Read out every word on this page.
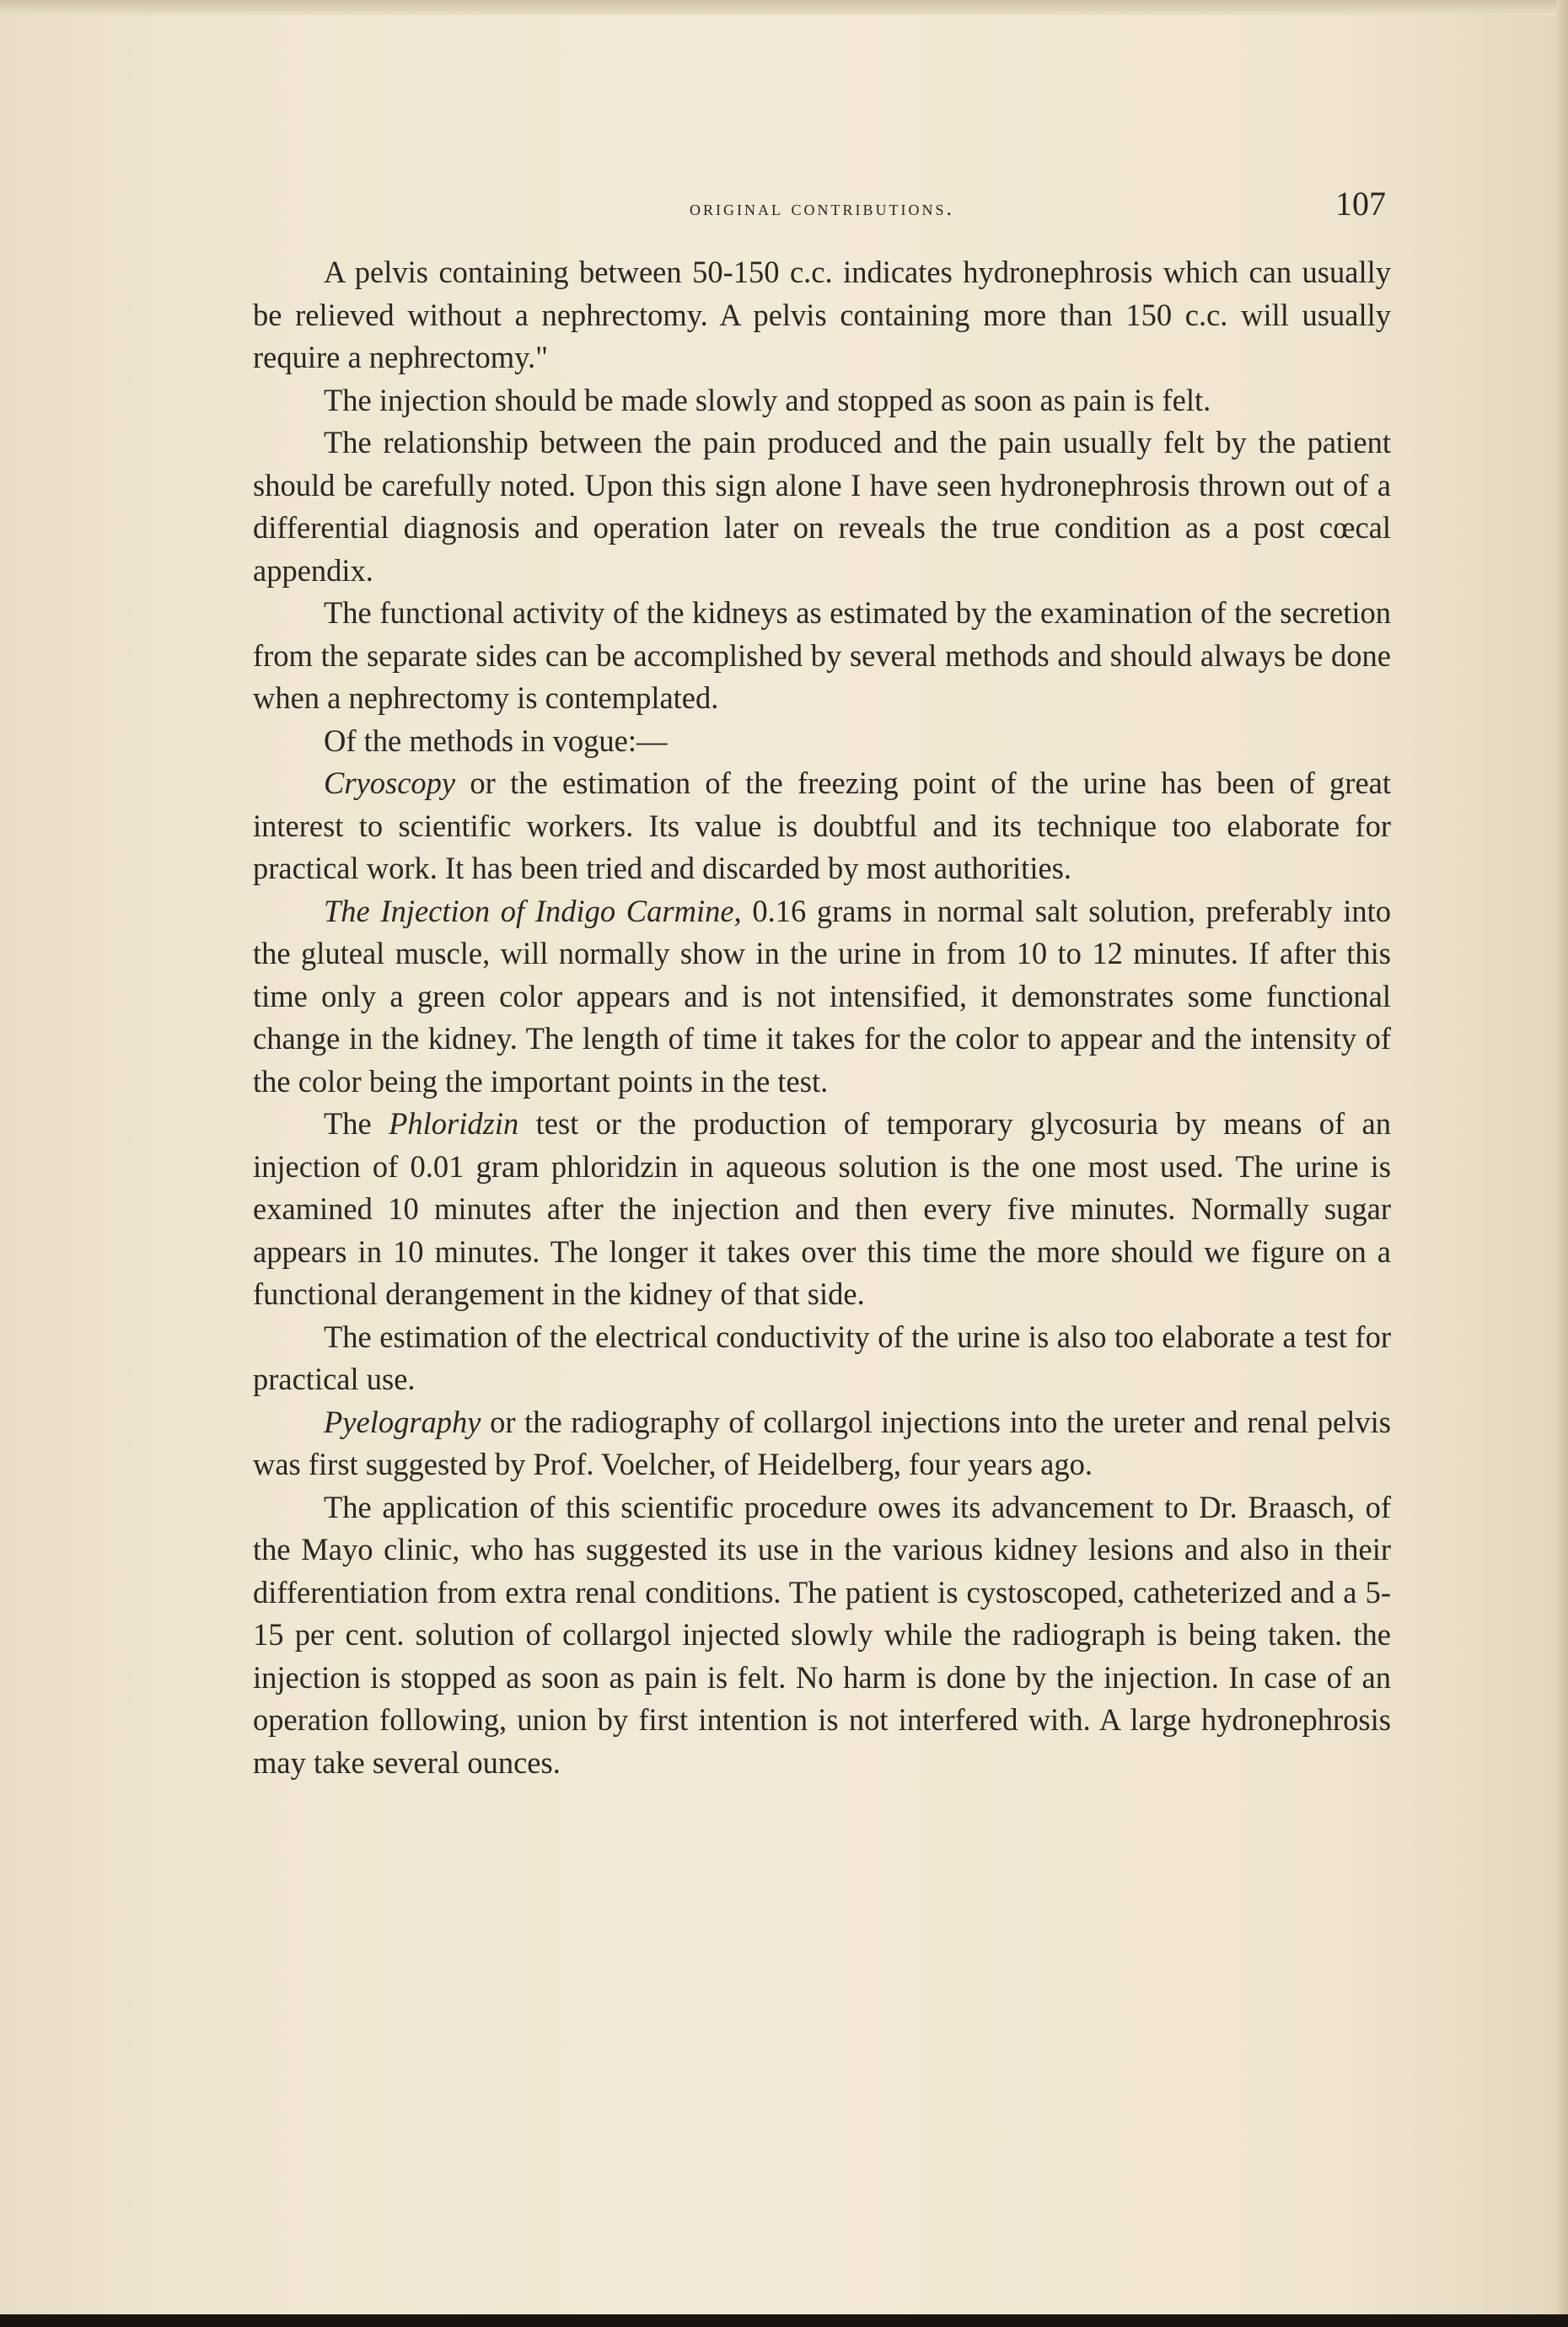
original contributions.	107

A pelvis containing between 50-150 c.c. indicates hydronephrosis which can usually be relieved without a nephrectomy. A pelvis containing more than 150 c.c. will usually require a nephrectomy."

The injection should be made slowly and stopped as soon as pain is felt.

The relationship between the pain produced and the pain usually felt by the patient should be carefully noted. Upon this sign alone I have seen hydronephrosis thrown out of a differential diagnosis and operation later on reveals the true condition as a post cœcal appendix.

The functional activity of the kidneys as estimated by the examination of the secretion from the separate sides can be accomplished by several methods and should always be done when a nephrectomy is contemplated.

Of the methods in vogue:—

Cryoscopy or the estimation of the freezing point of the urine has been of great interest to scientific workers. Its value is doubtful and its technique too elaborate for practical work. It has been tried and discarded by most authorities.

The Injection of Indigo Carmine, 0.16 grams in normal salt solution, preferably into the gluteal muscle, will normally show in the urine in from 10 to 12 minutes. If after this time only a green color appears and is not intensified, it demonstrates some functional change in the kidney. The length of time it takes for the color to appear and the intensity of the color being the important points in the test.

The Phloridzin test or the production of temporary glycosuria by means of an injection of 0.01 gram phloridzin in aqueous solution is the one most used. The urine is examined 10 minutes after the injection and then every five minutes. Normally sugar appears in 10 minutes. The longer it takes over this time the more should we figure on a functional derangement in the kidney of that side.

The estimation of the electrical conductivity of the urine is also too elaborate a test for practical use.

Pyelography or the radiography of collargol injections into the ureter and renal pelvis was first suggested by Prof. Voelcher, of Heidelberg, four years ago.

The application of this scientific procedure owes its advancement to Dr. Braasch, of the Mayo clinic, who has suggested its use in the various kidney lesions and also in their differentiation from extra renal conditions. The patient is cystoscoped, catheterized and a 5-15 per cent. solution of collargol injected slowly while the radiograph is being taken. the injection is stopped as soon as pain is felt. No harm is done by the injection. In case of an operation following, union by first intention is not interfered with. A large hydronephrosis may take several ounces.
